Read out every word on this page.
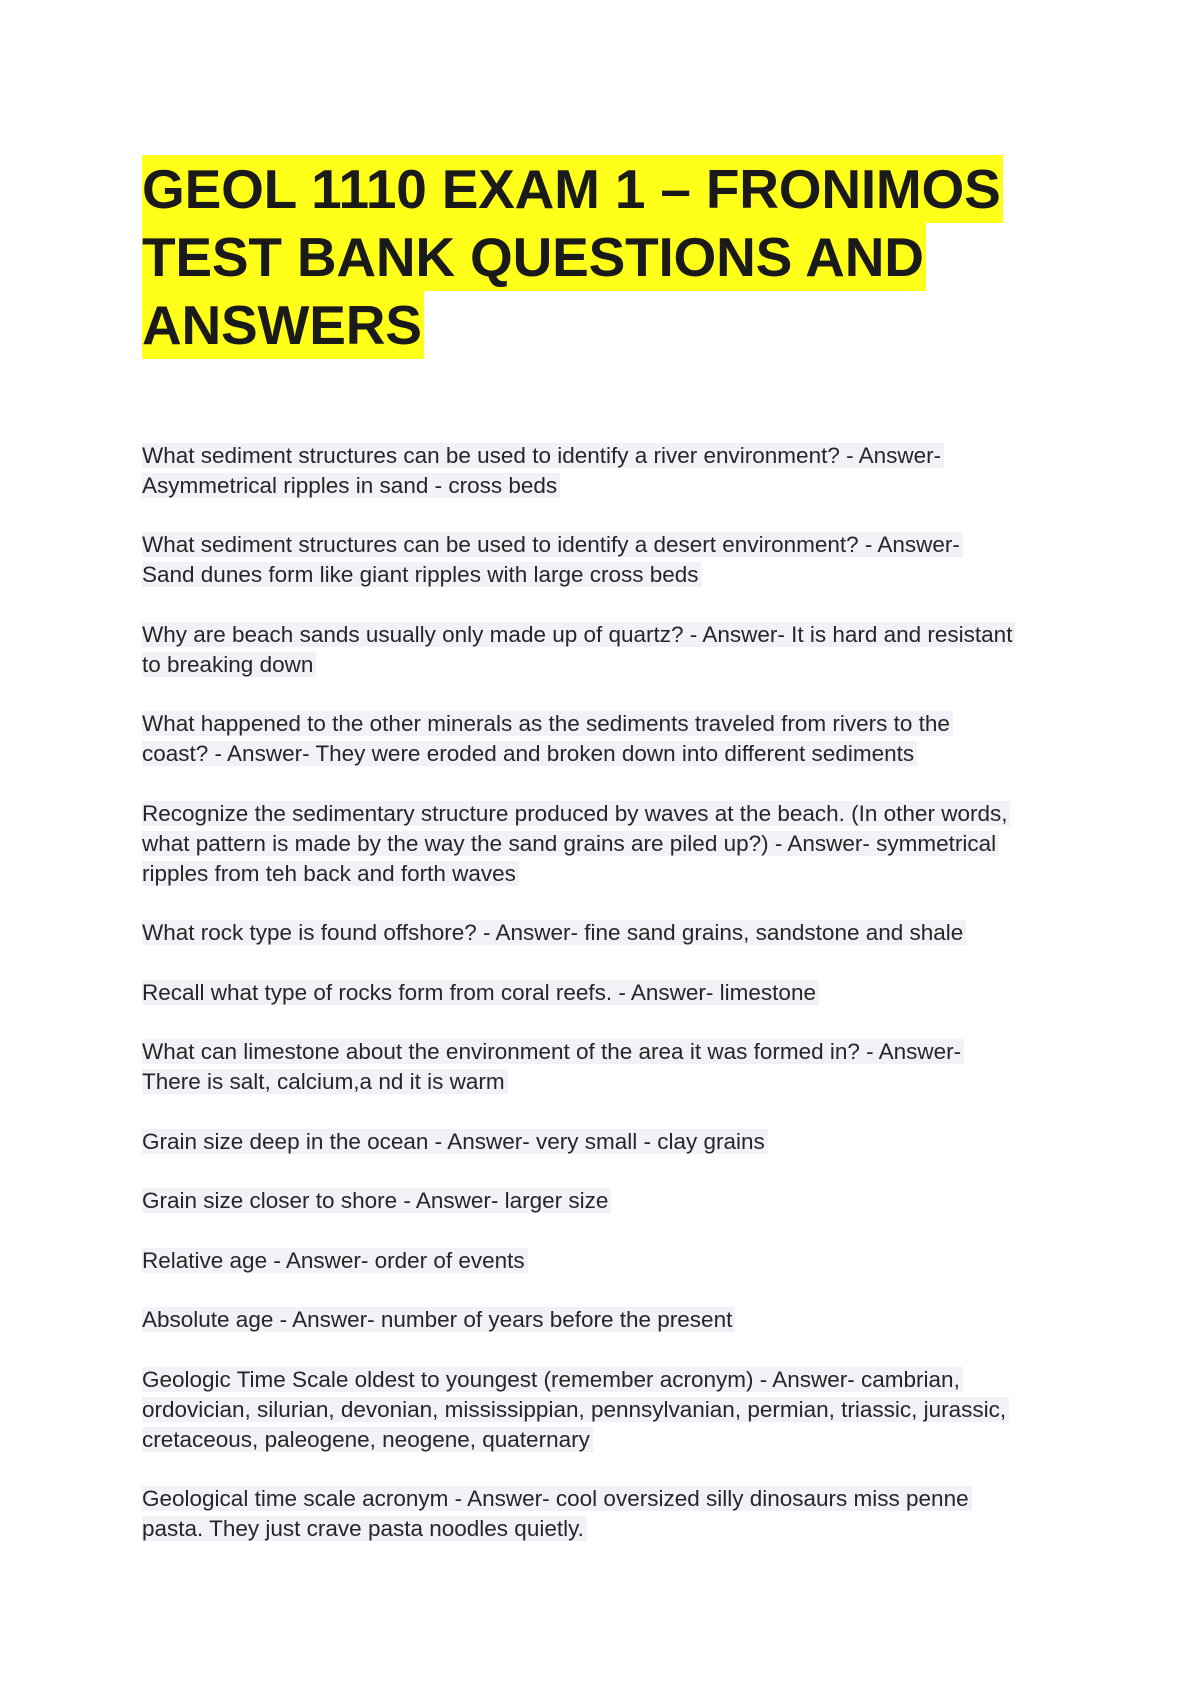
GEOL 1110 EXAM 1 – FRONIMOS
TEST BANK QUESTIONS AND
ANSWERS
What sediment structures can be used to identify a river environment? - Answer-
Asymmetrical ripples in sand - cross beds
What sediment structures can be used to identify a desert environment? - Answer-
Sand dunes form like giant ripples with large cross beds
Why are beach sands usually only made up of quartz? - Answer- It is hard and resistant
to breaking down
What happened to the other minerals as the sediments traveled from rivers to the
coast? - Answer- They were eroded and broken down into different sediments
Recognize the sedimentary structure produced by waves at the beach. (In other words,
what pattern is made by the way the sand grains are piled up?) - Answer- symmetrical
ripples from teh back and forth waves
What rock type is found offshore? - Answer- fine sand grains, sandstone and shale
Recall what type of rocks form from coral reefs. - Answer- limestone
What can limestone about the environment of the area it was formed in? - Answer-
There is salt, calcium,a nd it is warm
Grain size deep in the ocean - Answer- very small - clay grains
Grain size closer to shore - Answer- larger size
Relative age - Answer- order of events
Absolute age - Answer- number of years before the present
Geologic Time Scale oldest to youngest (remember acronym) - Answer- cambrian,
ordovician, silurian, devonian, mississippian, pennsylvanian, permian, triassic, jurassic,
cretaceous, paleogene, neogene, quaternary
Geological time scale acronym - Answer- cool oversized silly dinosaurs miss penne
pasta. They just crave pasta noodles quietly.
